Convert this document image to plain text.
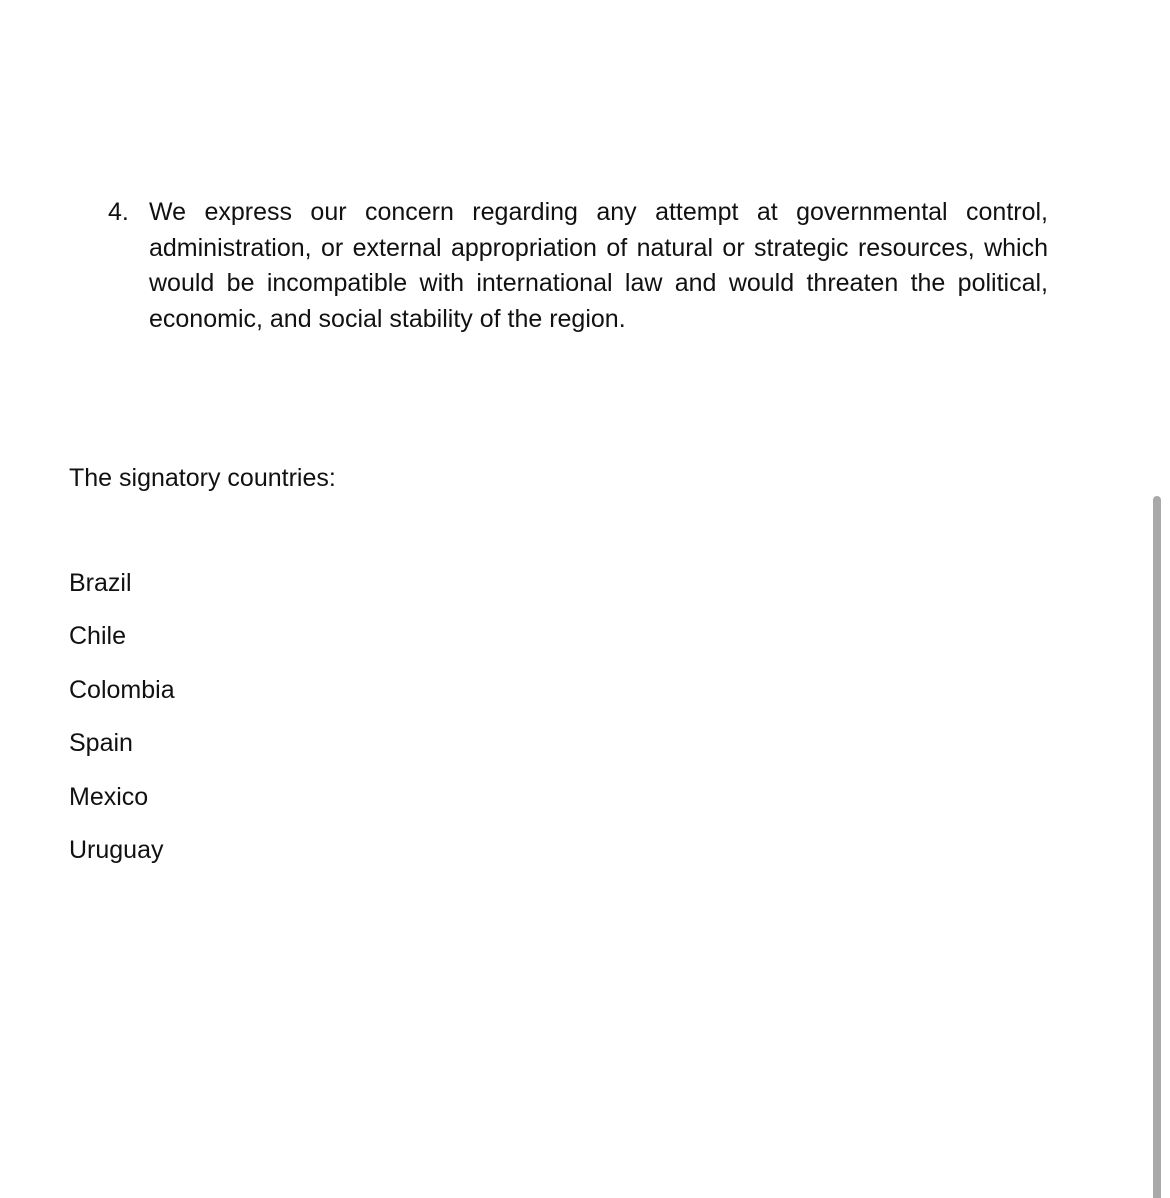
4. We express our concern regarding any attempt at governmental control, administration, or external appropriation of natural or strategic resources, which would be incompatible with international law and would threaten the political, economic, and social stability of the region.

The signatory countries:

Brazil
Chile
Colombia
Spain
Mexico
Uruguay
